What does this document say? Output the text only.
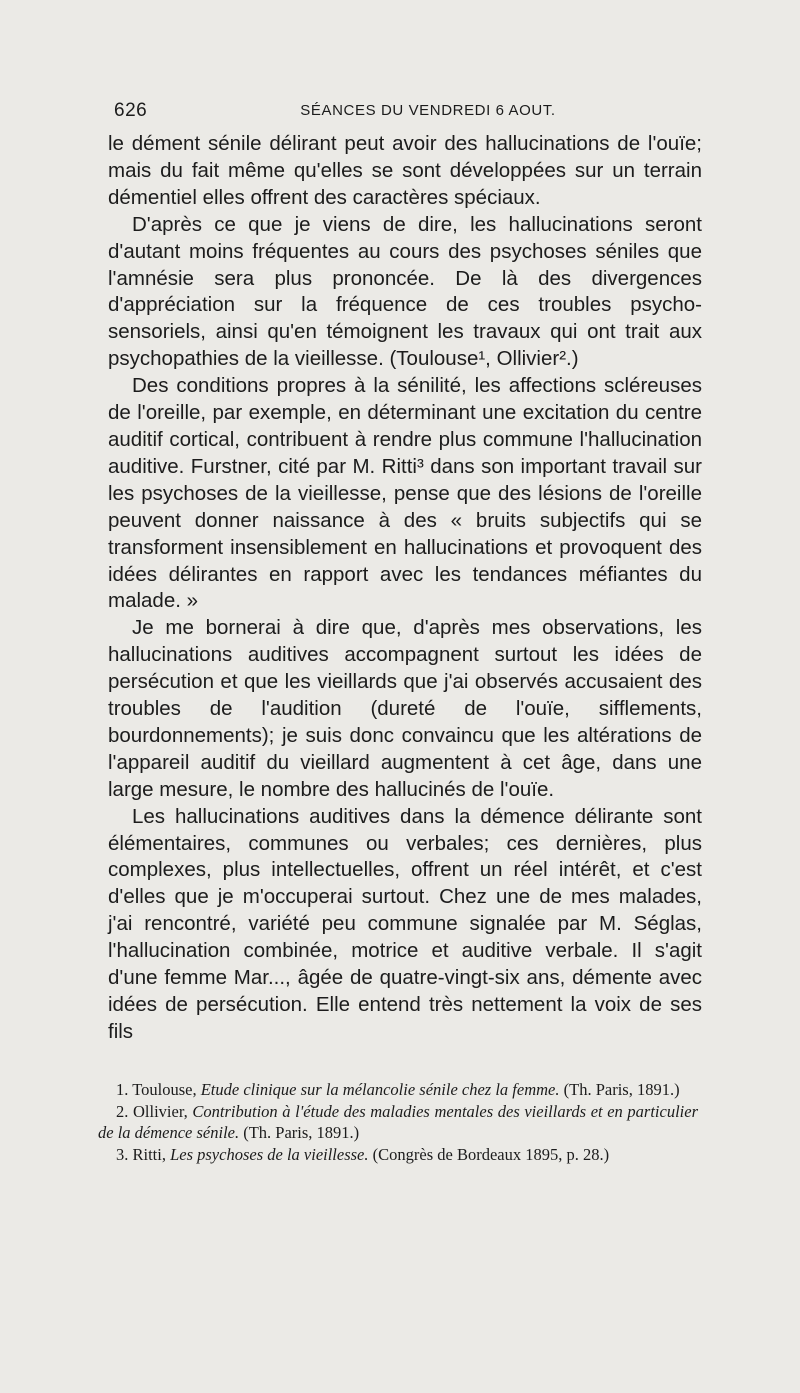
626	SÉANCES DU VENDREDI 6 AOUT.

le dément sénile délirant peut avoir des hallucinations de l'ouïe; mais du fait même qu'elles se sont développées sur un terrain démentiel elles offrent des caractères spéciaux.

D'après ce que je viens de dire, les hallucinations seront d'autant moins fréquentes au cours des psychoses séniles que l'amnésie sera plus prononcée. De là des divergences d'appréciation sur la fréquence de ces troubles psycho-sensoriels, ainsi qu'en témoignent les travaux qui ont trait aux psychopathies de la vieillesse. (Toulouse¹, Ollivier².)

Des conditions propres à la sénilité, les affections scléreuses de l'oreille, par exemple, en déterminant une excitation du centre auditif cortical, contribuent à rendre plus commune l'hallucination auditive. Furstner, cité par M. Ritti³ dans son important travail sur les psychoses de la vieillesse, pense que des lésions de l'oreille peuvent donner naissance à des « bruits subjectifs qui se transforment insensiblement en hallucinations et provoquent des idées délirantes en rapport avec les tendances méfiantes du malade. »

Je me bornerai à dire que, d'après mes observations, les hallucinations auditives accompagnent surtout les idées de persécution et que les vieillards que j'ai observés accusaient des troubles de l'audition (dureté de l'ouïe, sifflements, bourdonnements); je suis donc convaincu que les altérations de l'appareil auditif du vieillard augmentent à cet âge, dans une large mesure, le nombre des hallucinés de l'ouïe.

Les hallucinations auditives dans la démence délirante sont élémentaires, communes ou verbales; ces dernières, plus complexes, plus intellectuelles, offrent un réel intérêt, et c'est d'elles que je m'occuperai surtout. Chez une de mes malades, j'ai rencontré, variété peu commune signalée par M. Séglas, l'hallucination combinée, motrice et auditive verbale. Il s'agit d'une femme Mar..., âgée de quatre-vingt-six ans, démente avec idées de persécution. Elle entend très nettement la voix de ses fils

1. Toulouse, Etude clinique sur la mélancolie sénile chez la femme. (Th. Paris, 1891.)

2. Ollivier, Contribution à l'étude des maladies mentales des vieillards et en particulier de la démence sénile. (Th. Paris, 1891.)

3. Ritti, Les psychoses de la vieillesse. (Congrès de Bordeaux 1895, p. 28.)
